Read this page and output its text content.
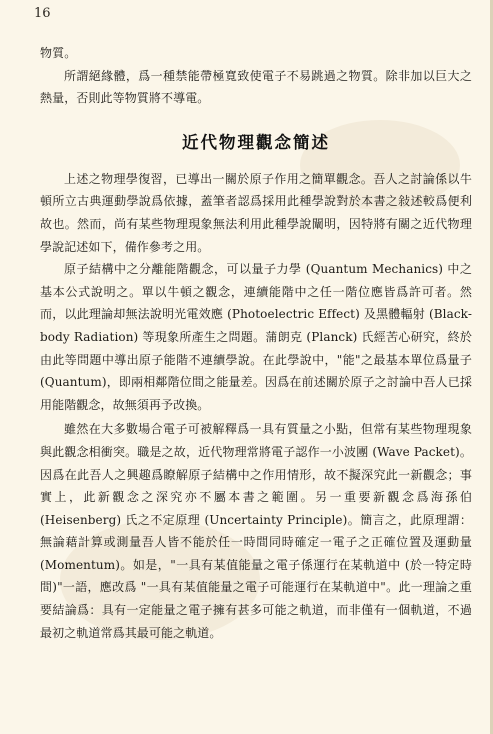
16

物質。

所謂絕緣體，爲一種禁能帶極寬致使電子不易跳過之物質。除非加以巨大之熱量，否則此等物質將不導電。

近代物理觀念簡述

上述之物理學復習，已導出一關於原子作用之簡單觀念。吾人之討論係以牛頓所立古典運動學說爲依據，蓋筆者認爲採用此種學說對於本書之敍述較爲便利故也。然而，尚有某些物理現象無法利用此種學說闡明，因特將有關之近代物理學說記述如下，備作參考之用。

原子結構中之分離能階觀念，可以量子力學 (Quantum Mechanics) 中之基本公式說明之。單以牛頓之觀念，連續能階中之任一階位應皆爲許可者。然而，以此理論却無法說明光電效應 (Photoelectric Effect) 及黑體輻射 (Black-body Radiation) 等現象所產生之問題。蒲朗克 (Planck) 氏經苦心研究，終於由此等問題中導出原子能階不連續學說。在此學說中，"能"之最基本單位爲量子 (Quantum)，即兩相鄰階位間之能量差。因爲在前述關於原子之討論中吾人已採用能階觀念，故無須再予改換。

雖然在大多數場合電子可被解釋爲一具有質量之小點，但常有某些物理現象與此觀念相衝突。職是之故，近代物理常將電子認作一小波團 (Wave Packet)。因爲在此吾人之興趣爲瞭解原子結構中之作用情形，故不擬深究此一新觀念；事實上，此新觀念之深究亦不屬本書之範圍。另一重要新觀念爲海孫伯 (Heisenberg) 氏之不定原理 (Uncertainty Principle)。簡言之，此原理謂：無論藉計算或測量吾人皆不能於任一時間同時確定一電子之正確位置及運動量 (Momentum)。如是，"一具有某值能量之電子係運行在某軌道中 (於一特定時間)"一語，應改爲 "一具有某值能量之電子可能運行在某軌道中"。此一理論之重要結論爲：具有一定能量之電子擁有甚多可能之軌道，而非僅有一個軌道，不過最初之軌道常爲其最可能之軌道。
